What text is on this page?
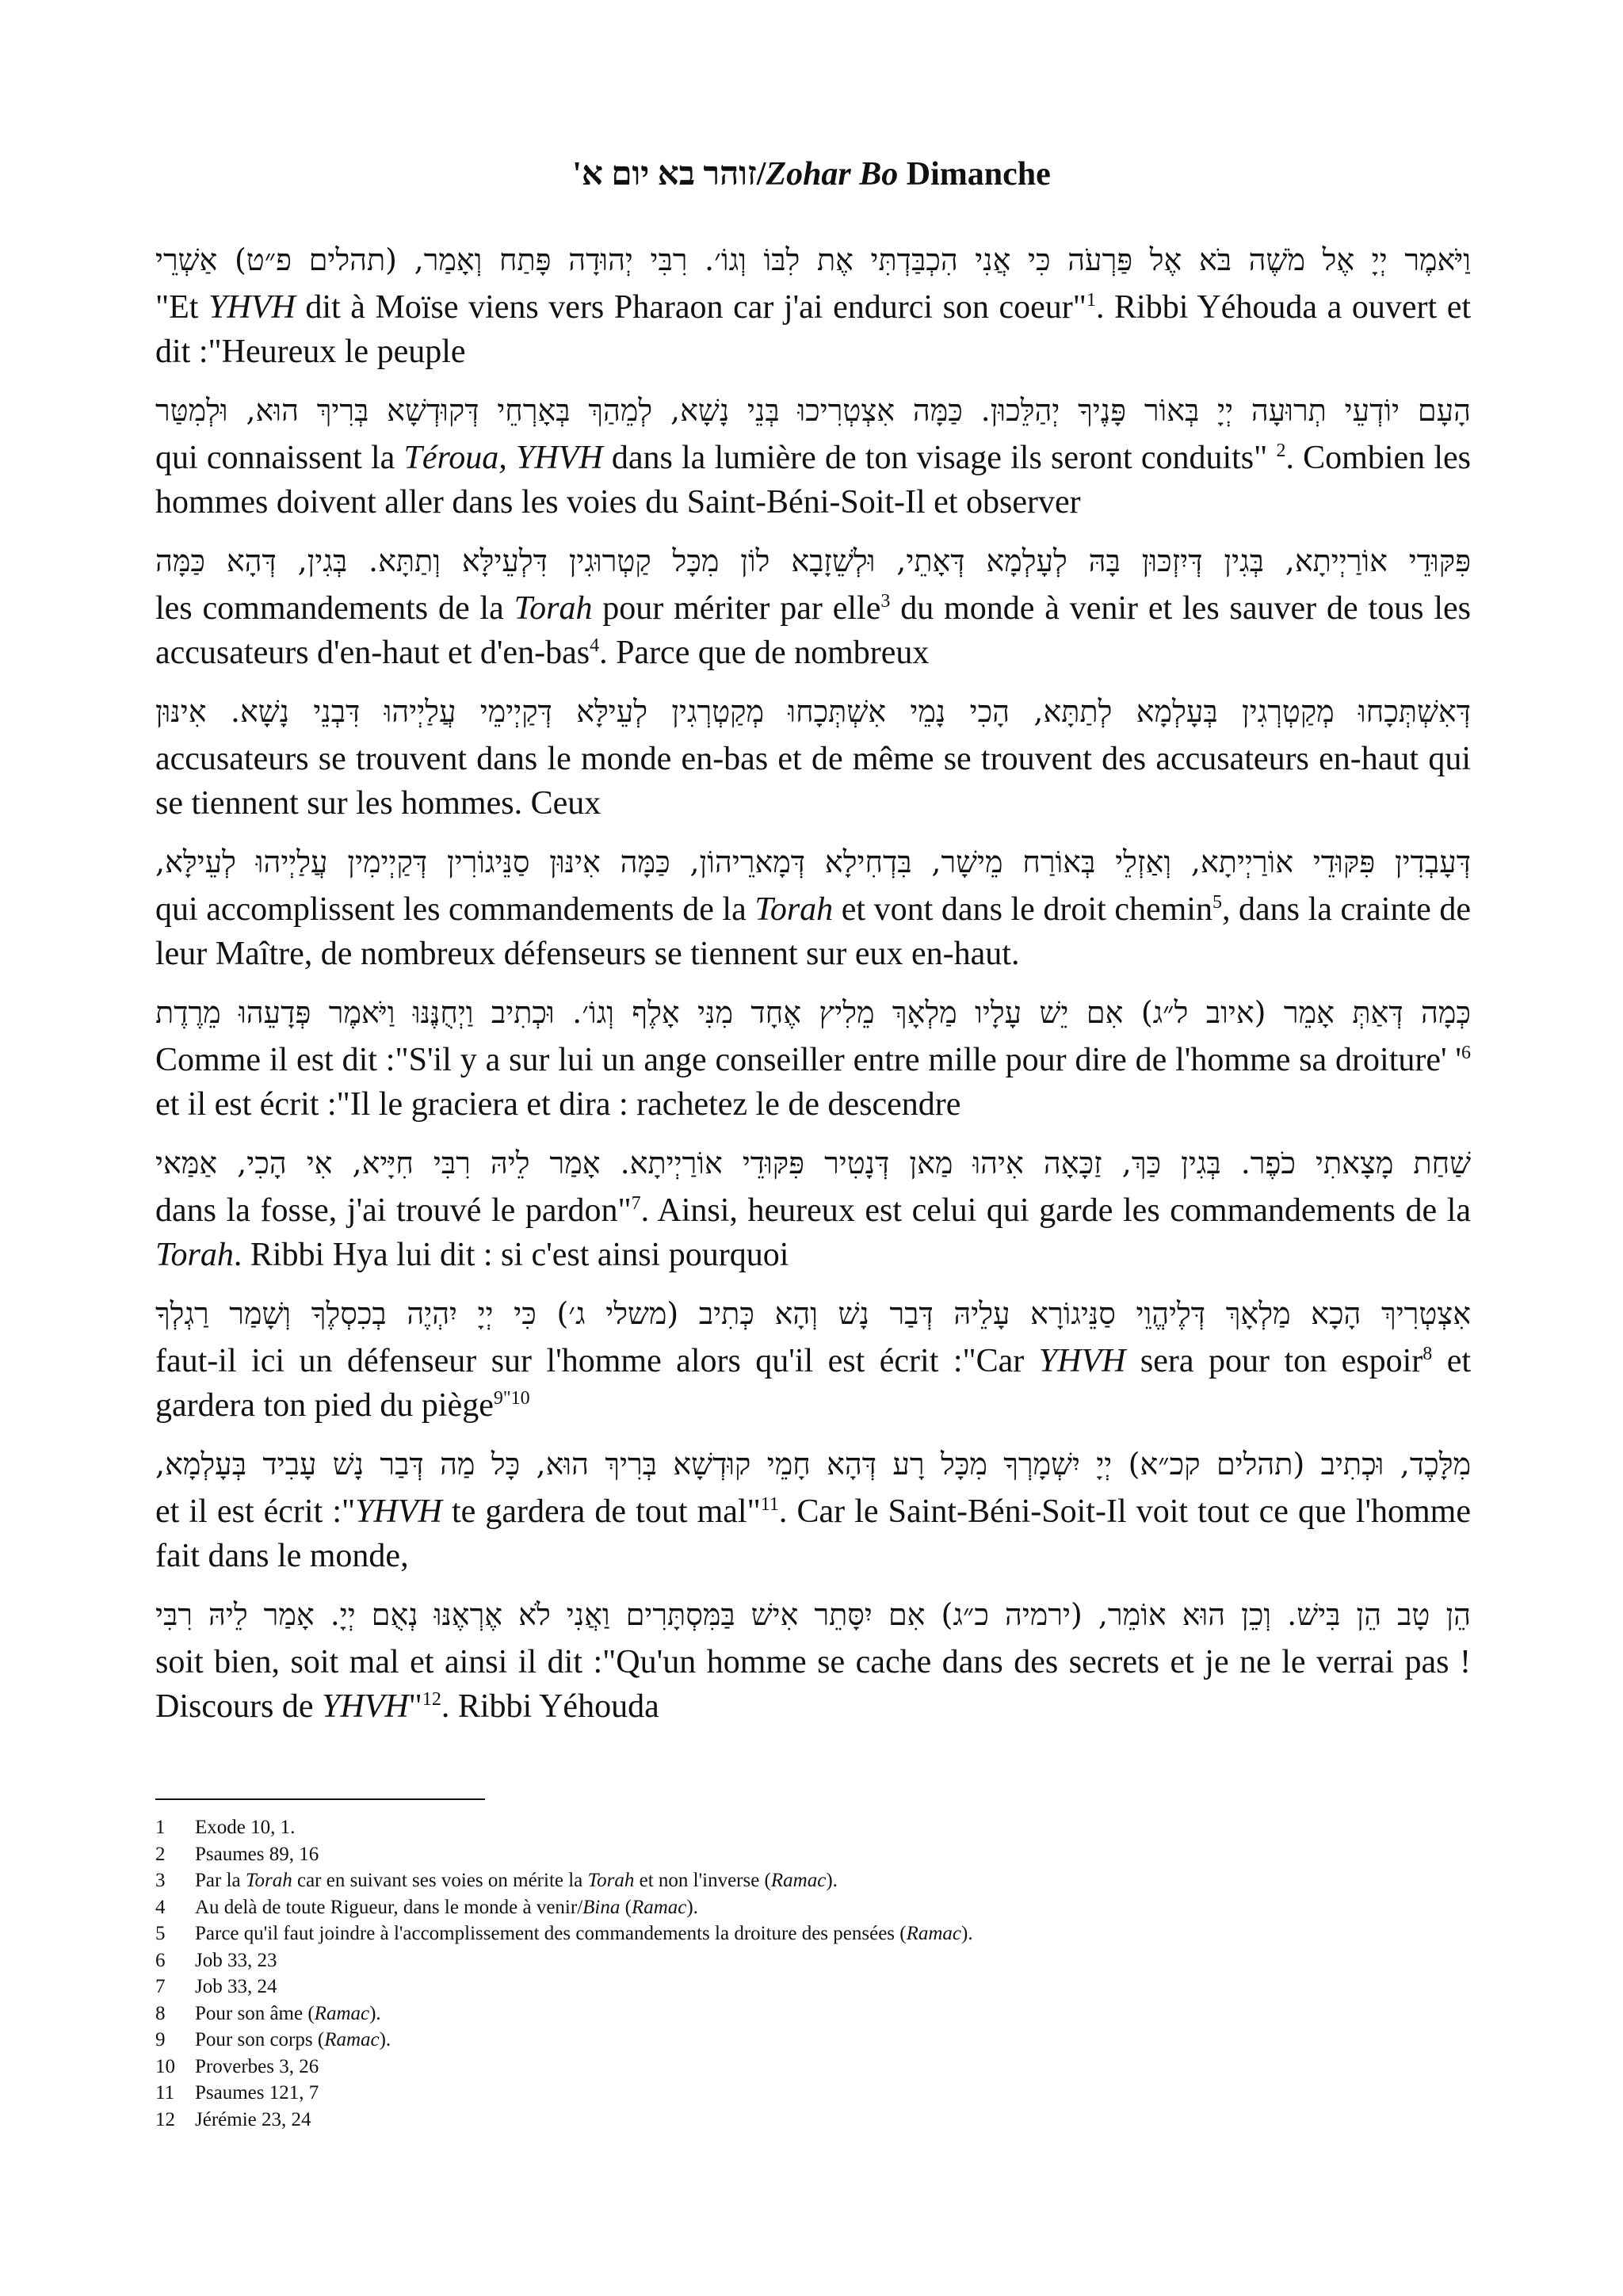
זוהר בא יום א'/Zohar Bo Dimanche
וַיֹּאמֶר יְיָ אֶל מֹשֶׁה בֹּא אֶל פַּרְעֹה כִּי אֲנִי הִכְבַּדְתִּי אֶת לִבּוֹ וְגוֹ׳. רִבִּי יְהוּדָה פָּתַח וְאָמַר, (תהלים פ״ט) אַשְׁרֵי
"Et YHVH dit à Moïse viens vers Pharaon car j'ai endurci son coeur"$^1$. Ribbi Yéhouda a ouvert et dit :"Heureux le peuple
הָעָם יוֹדְעֵי תְרוּעָה יְיָ בְּאוֹר פָּנֶיךָ יְהַלֵּכוּן. כַּמָּה אִצְטְרִיכוּ בְּנֵי נָשָׁא, לְמֵהַךְ בְּאָרְחֵי דְּקוּדְשָׁא בְּרִיךְ הוּא, וּלְמִטַּר
qui connaissent la Téroua, YHVH dans la lumière de ton visage ils seront conduits" $^2$. Combien les hommes doivent aller dans les voies du Saint-Béni-Soit-Il et observer
פִּקּוּדֵי אוֹרַיְיתָא, בְּגִין דְּיִזְכּוּן בָּהּ לְעָלְמָא דְּאָתֵי, וּלְשֵׁזָבָא לוֹן מִכָּל קַטְרוּגִין דִּלְעֵילָּא וְתַתָּא. בְּגִין, דְּהָא כַּמָּה
les commandements de la Torah pour mériter par elle$^3$ du monde à venir et les sauver de tous les accusateurs d'en-haut et d'en-bas$^4$. Parce que de nombreux
דְּאִשְׁתְּכָחוּ מְקַטְרְגִין בְּעָלְמָא לְתַתָּא, הָכִי נָמֵי אִשְׁתְּכָחוּ מְקַטְרְגִין לְעֵילָּא דְּקַיְימֵי עֲלַיְיהוּ דִּבְנֵי נָשָׁא. אִינּוּן
accusateurs se trouvent dans le monde en-bas et de même se trouvent des accusateurs en-haut qui se tiennent sur les hommes. Ceux
דְּעָבְדִין פִּקּוּדֵי אוֹרַיְיתָא, וְאַזְלֵי בְּאוֹרַח מֵישָׁר, בִּדְחִילָא דְּמָארֵיהוֹן, כַּמָּה אִינּוּן סַנֵּיגוֹרִין דְּקַיְימִין עֲלַיְיהוּ לְעֵילָּא,
qui accomplissent les commandements de la Torah et vont dans le droit chemin$^5$, dans la crainte de leur Maître, de nombreux défenseurs se tiennent sur eux en-haut.
כְּמָה דְּאַתְּ אָמֵר (איוב ל״ג) אִם יֵשׁ עָלָיו מַלְאָךְ מֵלִיץ אֶחָד מִנִּי אָלֶף וְגוֹ׳. וּכְתִיב וַיְחֻנֶּנּוּ וַיֹּאמֶר פְּדָעֵהוּ מֵרֶדֶת
Comme il est dit :"S'il y a sur lui un ange conseiller entre mille pour dire de l'homme sa droiture' '$^6$ et il est écrit :"Il le graciera et dira : rachetez le de descendre
שַׁחַת מָצָאתִי כֹפֶר. בְּגִין כַּךְ, זַכָּאָה אִיהוּ מַאן דְּנָטִיר פִּקּוּדֵי אוֹרַיְיתָא. אָמַר לֵיהּ רִבִּי חִיָּיא, אִי הָכִי, אַמַּאי
dans la fosse, j'ai trouvé le pardon"$^7$. Ainsi, heureux est celui qui garde les commandements de la Torah. Ribbi Hya lui dit : si c'est ainsi pourquoi
אִצְטְרִיךְ הָכָא מַלְאָךְ דְּלֶיהֱוֵי סַנֵּיגוֹרָא עָלֵיהּ דְּבַר נָשׁ וְהָא כְּתִיב (משלי ג׳) כִּי יְיָ יִהְיֶה בְכִסְלֶךָ וְשָׁמַר רַגְלְךָ
faut-il ici un défenseur sur l'homme alors qu'il est écrit :"Car YHVH sera pour ton espoir$^8$ et gardera ton pied du piège$^{9"10}$
מִלָּכֶד, וּכְתִיב (תהלים קכ״א) יְיָ יִשְׁמָרְךָ מִכָּל רָע דְּהָא חָמֵי קוּדְשָׁא בְּרִיךְ הוּא, כָּל מַה דְּבַר נָשׁ עָבִיד בְּעָלְמָא,
et il est écrit :"YHVH te gardera de tout mal"$^{11}$. Car le Saint-Béni-Soit-Il voit tout ce que l'homme fait dans le monde,
הֵן טָב הֵן בִּישׁ. וְכֵן הוּא אוֹמֵר, (ירמיה כ״ג) אִם יִסָּתֵר אִישׁ בַּמִּסְתָּרִים וַאֲנִי לֹא אֶרְאֶנּוּ נְאֻם יְיָ. אָמַר לֵיהּ רִבִּי
soit bien, soit mal et ainsi il dit :"Qu'un homme se cache dans des secrets et je ne le verrai pas ! Discours de YHVH"$^{12}$. Ribbi Yéhouda
1 Exode 10, 1.
2 Psaumes 89, 16
3 Par la Torah car en suivant ses voies on mérite la Torah et non l'inverse (Ramac).
4 Au delà de toute Rigueur, dans le monde à venir/Bina (Ramac).
5 Parce qu'il faut joindre à l'accomplissement des commandements la droiture des pensées (Ramac).
6 Job 33, 23
7 Job 33, 24
8 Pour son âme (Ramac).
9 Pour son corps (Ramac).
10 Proverbes 3, 26
11 Psaumes 121, 7
12 Jérémie 23, 24
